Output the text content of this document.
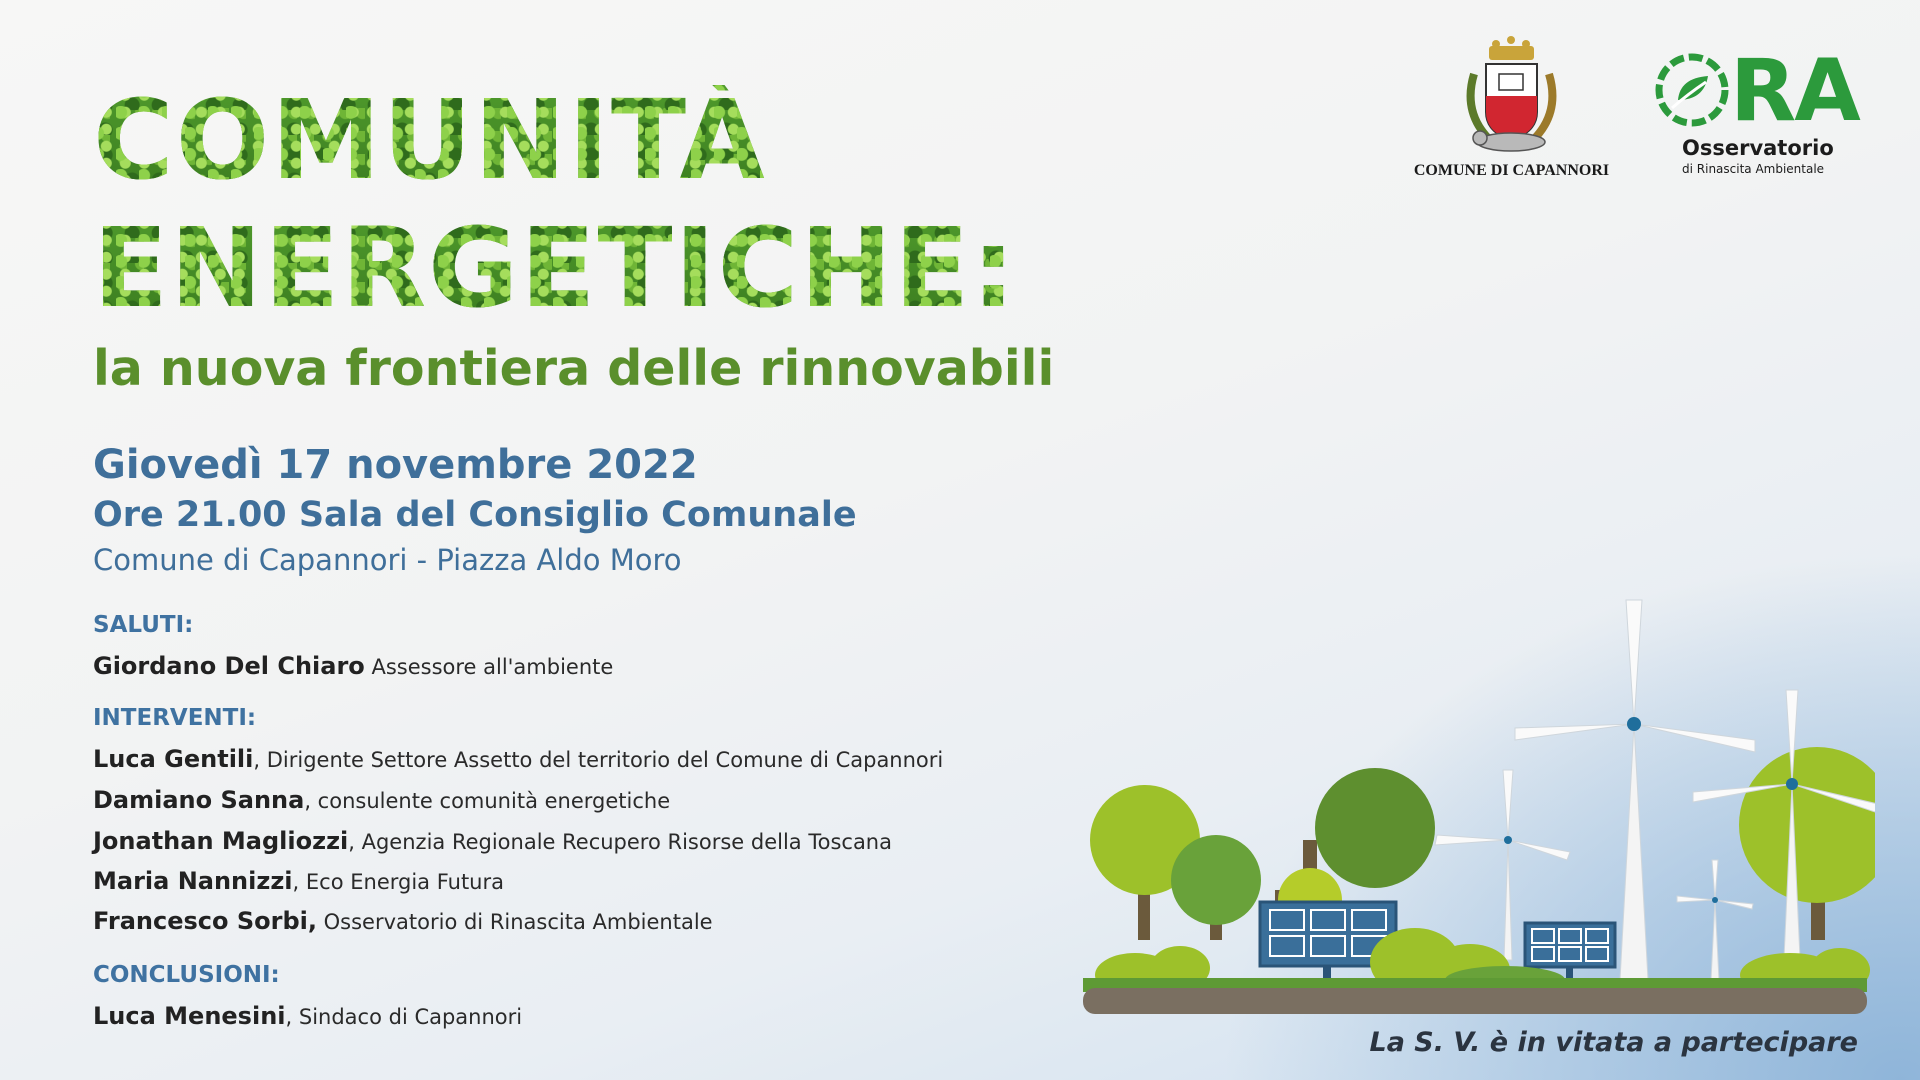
COMUNE DI CAPANNORI
RA
Osservatorio
di Rinascita Ambientale
COMUNITÀ
ENERGETICHE:
la nuova frontiera delle rinnovabili
Giovedì 17 novembre 2022
Ore 21.00 Sala del Consiglio Comunale
Comune di Capannori - Piazza Aldo Moro
SALUTI:
Giordano Del Chiaro Assessore all'ambiente
INTERVENTI:
Luca Gentili, Dirigente Settore Assetto del territorio del Comune di Capannori
Damiano Sanna, consulente comunità energetiche
Jonathan Magliozzi, Agenzia Regionale Recupero Risorse della Toscana
Maria Nannizzi, Eco Energia Futura
Francesco Sorbi, Osservatorio di Rinascita Ambientale
CONCLUSIONI:
Luca Menesini, Sindaco di Capannori
La S. V. è in vitata a partecipare
